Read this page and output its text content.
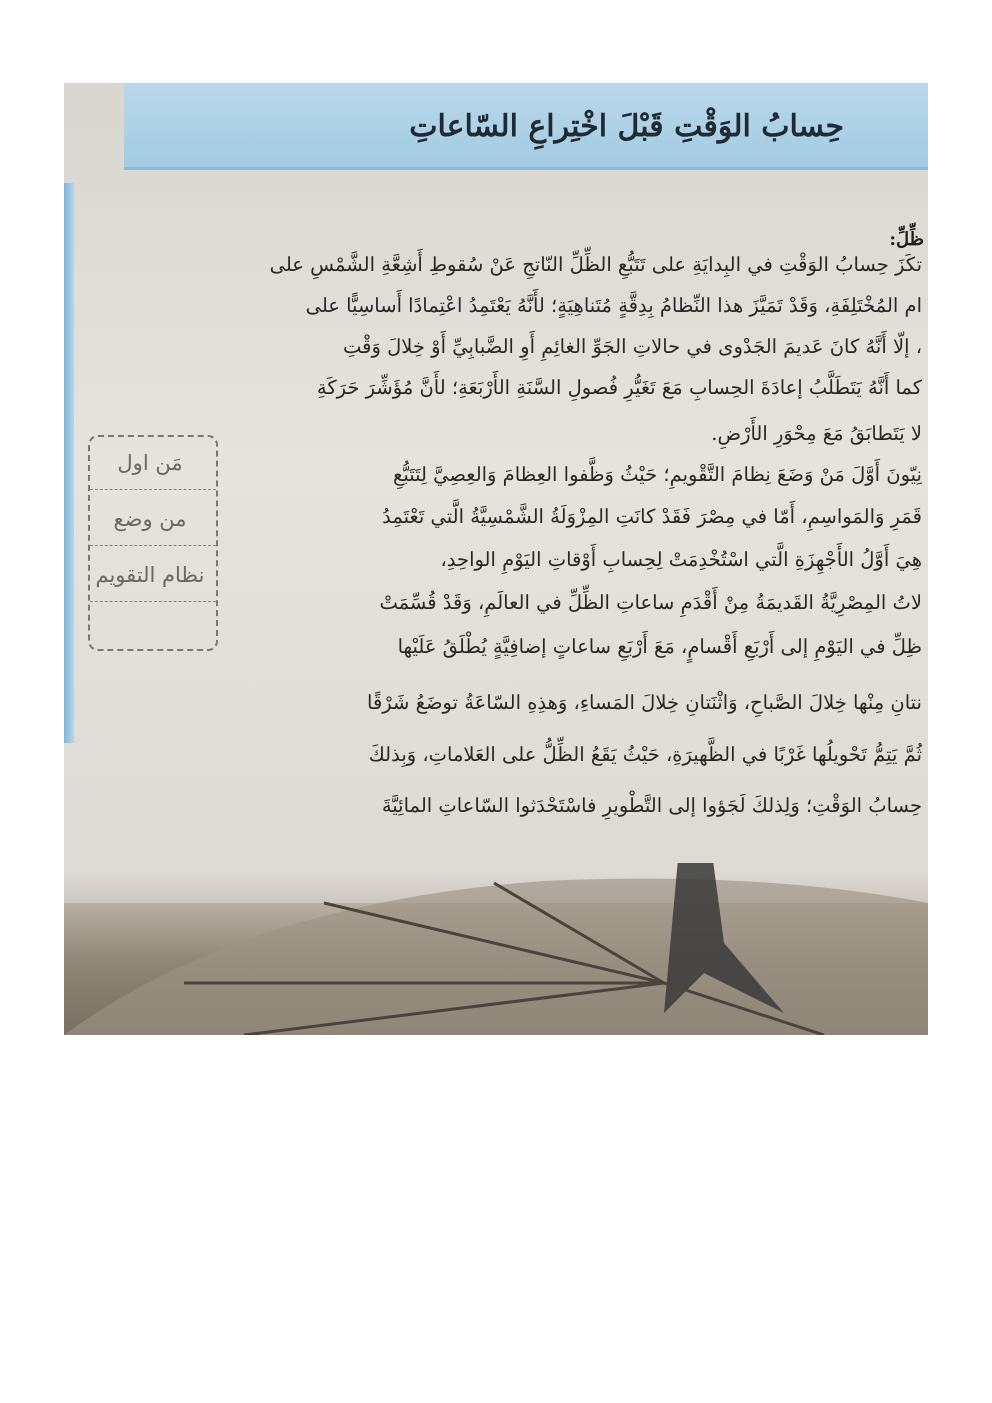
حِسابُ الوَقْتِ قَبْلَ اخْتِراعِ السّاعاتِ
ظِّلِّ:
تكَزَ حِسابُ الوَقْتِ في البِدايَةِ على تَتَبُّعِ الظِّلِّ النّاتجِ عَنْ سُقوطِ أَشِعَّةِ الشَّمْسِ على
ام المُخْتَلِفَةِ، وَقَدْ تَمَيَّزَ هذا النِّظامُ بِدِقَّةٍ مُتَناهِيَةٍ؛ لأَنَّهُ يَعْتَمِدُ اعْتِمادًا أَساسِيًّا على
، إلّا أَنَّهُ كانَ عَديمَ الجَدْوى في حالاتِ الجَوِّ الغائِمِ أَوِ الضَّبابِيِّ أَوْ خِلالَ وَقْتِ
كما أَنَّهُ يَتَطَلَّبُ إعادَةَ الحِسابِ مَعَ تَغَيُّرِ فُصولِ السَّنَةِ الأَرْبَعَةِ؛ لأَنَّ مُؤَشِّرَ حَرَكَةِ
لا يَتَطابَقُ مَعَ مِحْوَرِ الأَرْضِ.
نِيّونَ أَوَّلَ مَنْ وَضَعَ نِظامَ التَّقْويمِ؛ حَيْثُ وَظَّفوا العِظامَ وَالعِصِيَّ لِتَتَبُّعِ
قَمَرِ وَالمَواسِمِ، أَمّا في مِصْرَ فَقَدْ كانَتِ المِزْوَلَةُ الشَّمْسِيَّةُ الَّتي تَعْتَمِدُ
هِيَ أَوَّلُ الأَجْهِزَةِ الَّتي اسْتُخْدِمَتْ لِحِسابِ أَوْقاتِ اليَوْمِ الواحِدِ،
لاتُ المِصْرِيَّةُ القَديمَةُ مِنْ أَقْدَمِ ساعاتِ الظِّلِّ في العالَمِ، وَقَدْ قُسِّمَتْ
ظِلِّ في اليَوْمِ إلى أَرْبَعِ أَقْسامٍ، مَعَ أَرْبَعِ ساعاتٍ إضافِيَّةٍ يُطْلَقُ عَلَيْها
نتانِ مِنْها خِلالَ الصَّباحِ، وَاثْنَتانِ خِلالَ المَساءِ، وَهذِهِ السّاعَةُ توضَعُ شَرْقًا
ثُمَّ يَتِمُّ تَحْويلُها غَرْبًا في الظَّهيرَةِ، حَيْثُ يَقَعُ الظِّلُّ على العَلاماتِ، وَبِذلكَ
حِسابُ الوَقْتِ؛ وَلِذلكَ لَجَؤوا إلى التَّطْويرِ فاسْتَحْدَثوا السّاعاتِ المائِيَّةَ
مَن اول
من وضع
نظام التقويم
